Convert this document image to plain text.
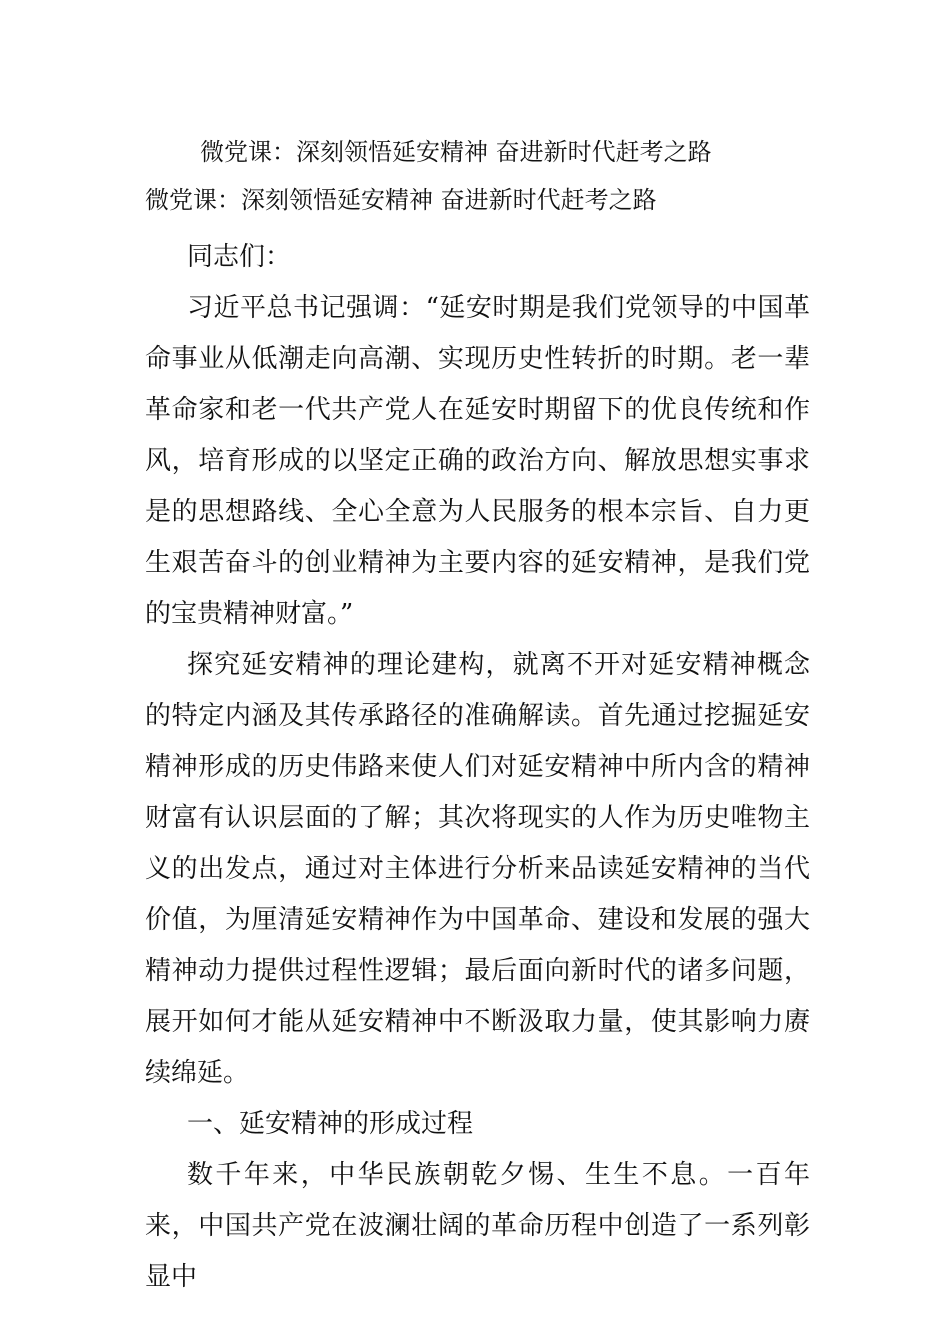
微党课：深刻领悟延安精神 奋进新时代赶考之路
微党课：深刻领悟延安精神 奋进新时代赶考之路

同志们：

习近平总书记强调：“延安时期是我们党领导的中国革命事业从低潮走向高潮、实现历史性转折的时期。老一辈革命家和老一代共产党人在延安时期留下的优良传统和作风，培育形成的以坚定正确的政治方向、解放思想实事求是的思想路线、全心全意为人民服务的根本宗旨、自力更生艰苦奋斗的创业精神为主要内容的延安精神，是我们党的宝贵精神财富。”

探究延安精神的理论建构，就离不开对延安精神概念的特定内涵及其传承路径的准确解读。首先通过挖掘延安精神形成的历史伟路来使人们对延安精神中所内含的精神财富有认识层面的了解；其次将现实的人作为历史唯物主义的出发点，通过对主体进行分析来品读延安精神的当代价值，为厘清延安精神作为中国革命、建设和发展的强大精神动力提供过程性逻辑；最后面向新时代的诸多问题，展开如何才能从延安精神中不断汲取力量，使其影响力赓续绵延。

一、延安精神的形成过程

数千年来，中华民族朝乾夕惕、生生不息。一百年来，中国共产党在波澜壮阔的革命历程中创造了一系列彰显中
